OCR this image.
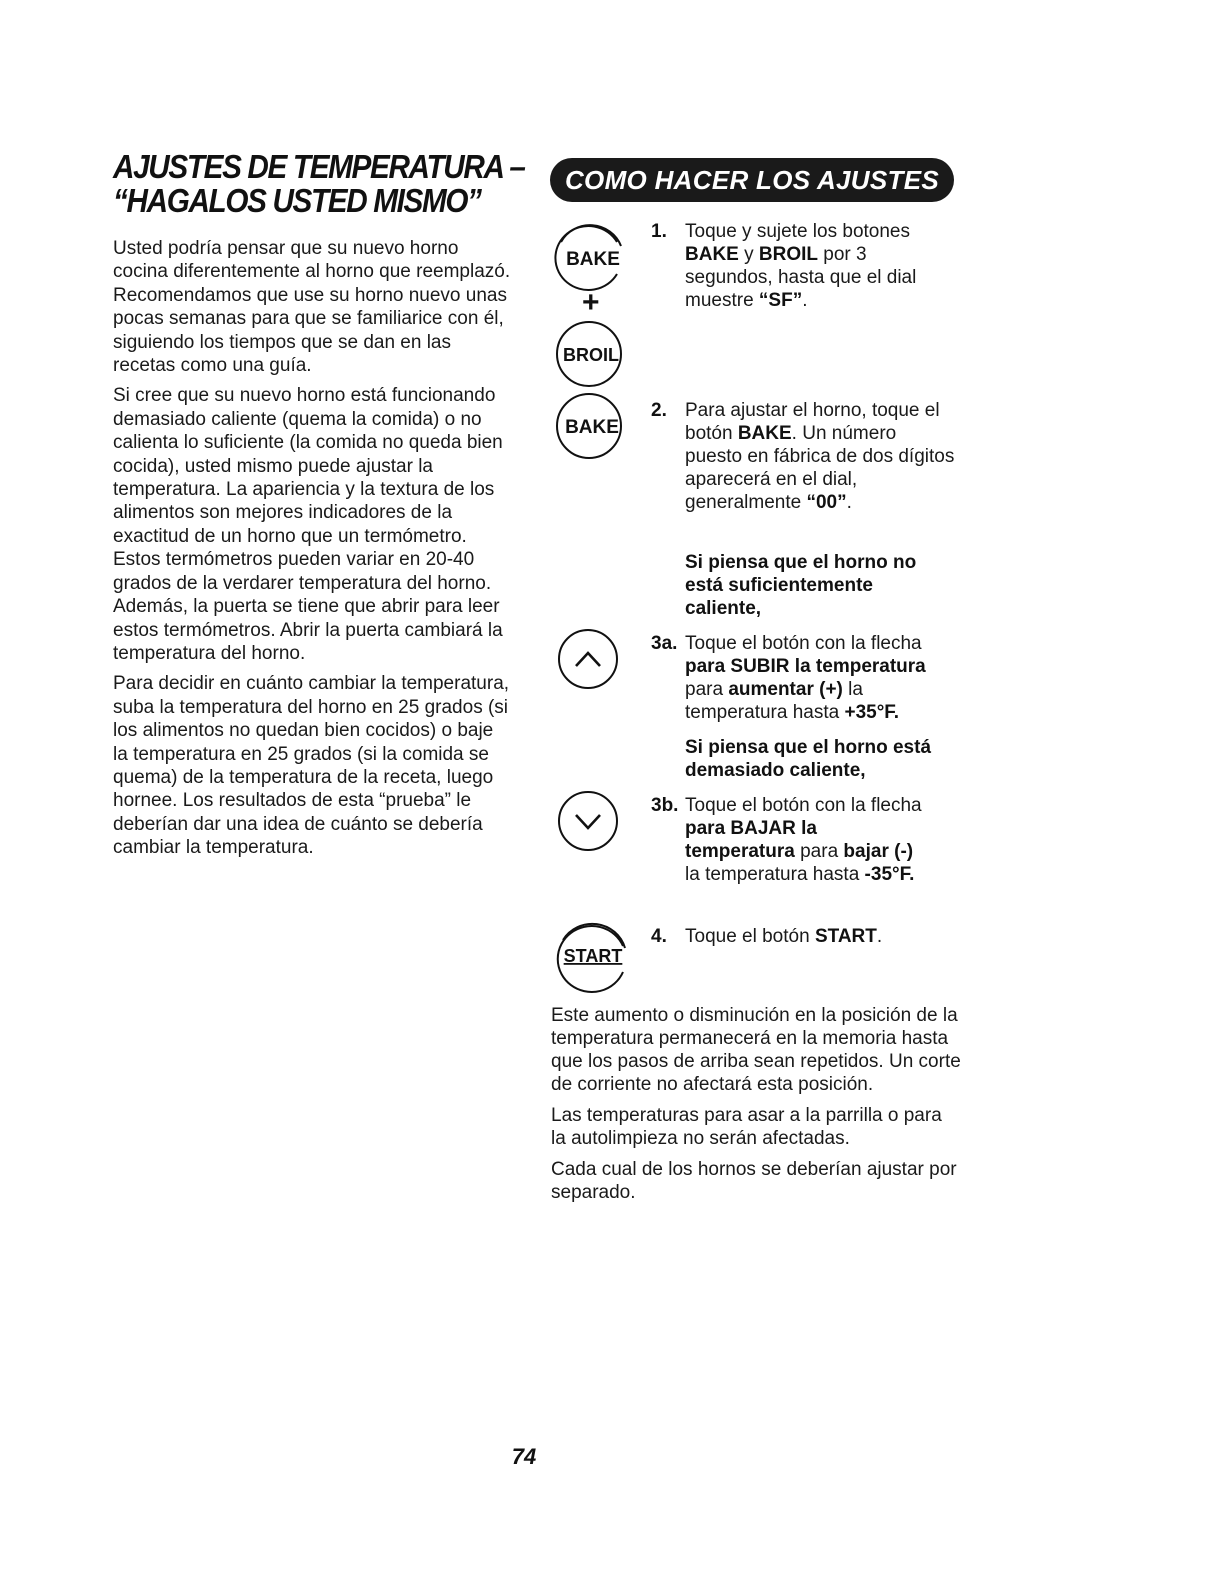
AJUSTES DE TEMPERATURA –
“HAGALOS USTED MISMO”

Usted podría pensar que su nuevo horno cocina diferentemente al horno que reemplazó. Recomendamos que use su horno nuevo unas pocas semanas para que se familiarice con él, siguiendo los tiempos que se dan en las recetas como una guía.

Si cree que su nuevo horno está funcionando demasiado caliente (quema la comida) o no calienta lo suficiente (la comida no queda bien cocida), usted mismo puede ajustar la temperatura. La apariencia y la textura de los alimentos son mejores indicadores de la exactitud de un horno que un termómetro. Estos termómetros pueden variar en 20-40 grados de la verdarer temperatura del horno. Además, la puerta se tiene que abrir para leer estos termómetros. Abrir la puerta cambiará la temperatura del horno.

Para decidir en cuánto cambiar la temperatura, suba la temperatura del horno en 25 grados (si los alimentos no quedan bien cocidos) o baje la temperatura en 25 grados (si la comida se quema) de la temperatura de la receta, luego hornee. Los resultados de esta “prueba” le deberían dar una idea de cuánto se debería cambiar la temperatura.

COMO HACER LOS AJUSTES
BAKE
+
BROIL
1. Toque y sujete los botones BAKE y BROIL por 3 segundos, hasta que el dial muestre “SF”.
BAKE
2. Para ajustar el horno, toque el botón BAKE. Un número puesto en fábrica de dos dígitos aparecerá en el dial, generalmente “00”.
Si piensa que el horno no está suficientemente caliente,
3a. Toque el botón con la flecha para SUBIR la temperatura para aumentar (+) la temperatura hasta +35°F.
Si piensa que el horno está demasiado caliente,
3b. Toque el botón con la flecha para BAJAR la temperatura para bajar (-) la temperatura hasta -35°F.
START
4. Toque el botón START.

Este aumento o disminución en la posición de la temperatura permanecerá en la memoria hasta que los pasos de arriba sean repetidos. Un corte de corriente no afectará esta posición.

Las temperaturas para asar a la parrilla o para la autolimpieza no serán afectadas.

Cada cual de los hornos se deberían ajustar por separado.

74
